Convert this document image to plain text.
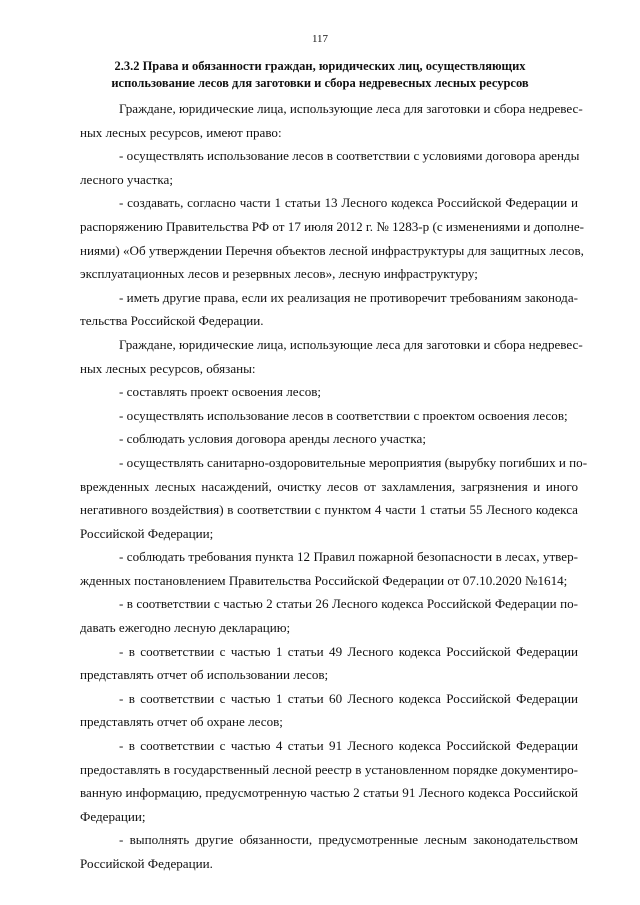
117
2.3.2 Права и обязанности граждан, юридических лиц, осуществляющих
использование лесов для заготовки и сбора недревесных лесных ресурсов
Граждане, юридические лица, использующие леса для заготовки и сбора недревес-
ных лесных ресурсов, имеют право:
- осуществлять использование лесов в соответствии с условиями договора аренды
лесного участка;
- создавать, согласно части 1 статьи 13 Лесного кодекса Российской Федерации и
распоряжению Правительства РФ от 17 июля 2012 г. № 1283-р (с изменениями и дополне-
ниями) «Об утверждении Перечня объектов лесной инфраструктуры для защитных лесов,
эксплуатационных лесов и резервных лесов», лесную инфраструктуру;
- иметь другие права, если их реализация не противоречит требованиям законода-
тельства Российской Федерации.
Граждане, юридические лица, использующие леса для заготовки и сбора недревес-
ных лесных ресурсов, обязаны:
- составлять проект освоения лесов;
- осуществлять использование лесов в соответствии с проектом освоения лесов;
- соблюдать условия договора аренды лесного участка;
- осуществлять санитарно-оздоровительные мероприятия (вырубку погибших и по-
врежденных лесных насаждений, очистку лесов от захламления, загрязнения и иного
негативного воздействия) в соответствии с пунктом 4 части 1 статьи 55 Лесного кодекса
Российской Федерации;
- соблюдать требования пункта 12 Правил пожарной безопасности в лесах, утвер-
жденных постановлением Правительства Российской Федерации от 07.10.2020 №1614;
- в соответствии с частью 2 статьи 26 Лесного кодекса Российской Федерации по-
давать ежегодно лесную декларацию;
- в соответствии с частью 1 статьи 49 Лесного кодекса Российской Федерации
представлять отчет об использовании лесов;
- в соответствии с частью 1 статьи 60 Лесного кодекса Российской Федерации
представлять отчет об охране лесов;
- в соответствии с частью 4 статьи 91 Лесного кодекса Российской Федерации
предоставлять в государственный лесной реестр в установленном порядке документиро-
ванную информацию, предусмотренную частью 2 статьи 91 Лесного кодекса Российской
Федерации;
- выполнять другие обязанности, предусмотренные лесным законодательством
Российской Федерации.
